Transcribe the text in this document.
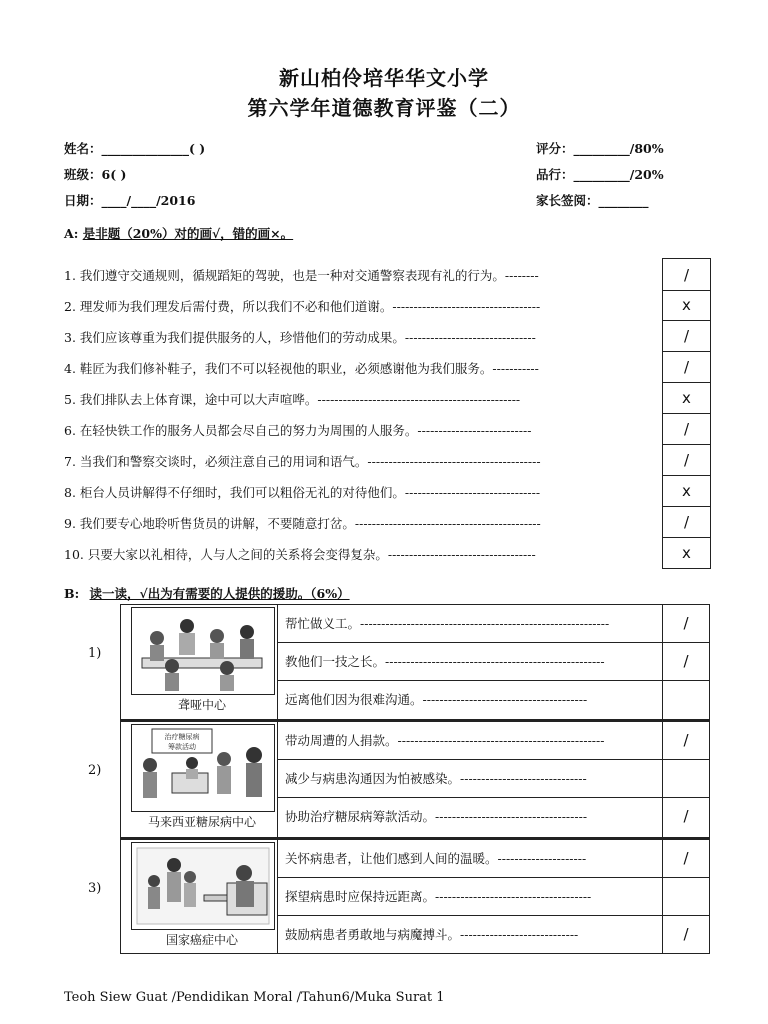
新山柏伶培华华文小学
第六学年道德教育评鉴（二）
姓名：______________( )
班级：6( )
日期：____/____/2016
评分：_________/80%
品行：_________/20%
家长签阅：________
A: 是非题（20%）对的画√，错的画×。
1. 我们遵守交通规则，循规蹈矩的驾驶，也是一种对交通警察表现有礼的行为。--------	/
2. 理发师为我们理发后需付费，所以我们不必和他们道谢。-----------------------------------	x
3. 我们应该尊重为我们提供服务的人，珍惜他们的劳动成果。-------------------------------	/
4. 鞋匠为我们修补鞋子，我们不可以轻视他的职业，必须感谢他为我们服务。-----------	/
5. 我们排队去上体育课，途中可以大声喧哗。------------------------------------------------	x
6. 在轻快铁工作的服务人员都会尽自己的努力为周围的人服务。---------------------------	/
7. 当我们和警察交谈时，必须注意自己的用词和语气。-----------------------------------------	/
8. 柜台人员讲解得不仔细时，我们可以粗俗无礼的对待他们。--------------------------------	x
9. 我们要专心地聆听售货员的讲解，不要随意打岔。--------------------------------------------	/
10. 只要大家以礼相待，人与人之间的关系将会变得复杂。-----------------------------------	x
B: 读一读，√出为有需要的人提供的援助。（6%）
1)
聋哑中心
帮忙做义工。-----------------------------------------------------------	/
教他们一技之长。----------------------------------------------------	/
远离他们因为很难沟通。---------------------------------------
2)
治疗糖尿病
筹款活动
马来西亚糖尿病中心
带动周遭的人捐款。-------------------------------------------------	/
减少与病患沟通因为怕被感染。------------------------------
协助治疗糖尿病筹款活动。------------------------------------	/
3)
国家癌症中心
关怀病患者，让他们感到人间的温暖。---------------------	/
探望病患时应保持远距离。-------------------------------------
鼓励病患者勇敢地与病魔搏斗。----------------------------	/
Teoh Siew Guat /Pendidikan Moral /Tahun6/Muka Surat 1
